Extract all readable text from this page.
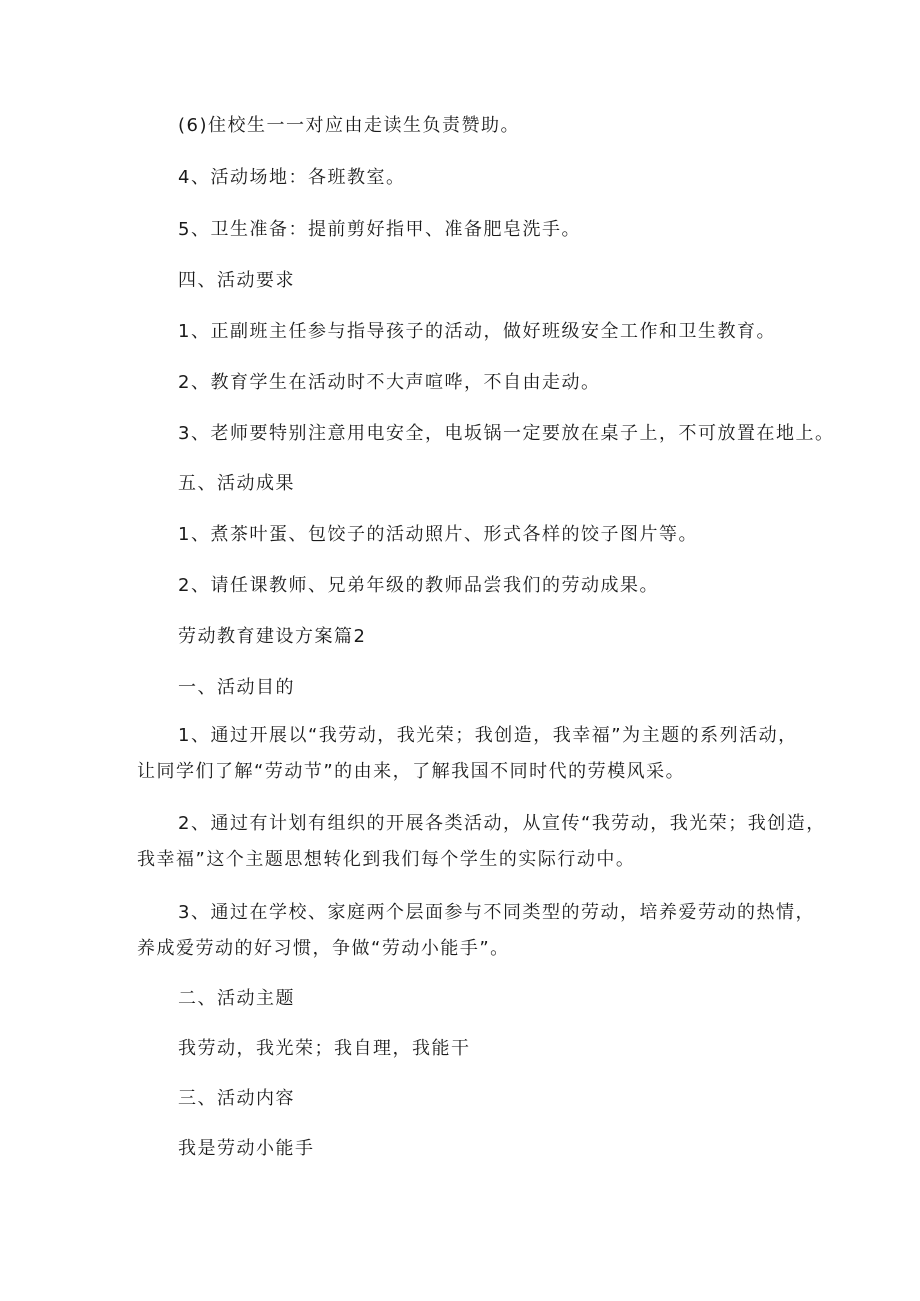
(6)住校生一一对应由走读生负责赞助。
4、活动场地：各班教室。
5、卫生准备：提前剪好指甲、准备肥皂洗手。
四、活动要求
1、正副班主任参与指导孩子的活动，做好班级安全工作和卫生教育。
2、教育学生在活动时不大声喧哗，不自由走动。
3、老师要特别注意用电安全，电坂锅一定要放在桌子上，不可放置在地上。
五、活动成果
1、煮茶叶蛋、包饺子的活动照片、形式各样的饺子图片等。
2、请任课教师、兄弟年级的教师品尝我们的劳动成果。
劳动教育建设方案篇2
一、活动目的
1、通过开展以“我劳动，我光荣；我创造，我幸福”为主题的系列活动，
让同学们了解“劳动节”的由来，了解我国不同时代的劳模风采。
2、通过有计划有组织的开展各类活动，从宣传“我劳动，我光荣；我创造，
我幸福”这个主题思想转化到我们每个学生的实际行动中。
3、通过在学校、家庭两个层面参与不同类型的劳动，培养爱劳动的热情，
养成爱劳动的好习惯，争做“劳动小能手”。
二、活动主题
我劳动，我光荣；我自理，我能干
三、活动内容
我是劳动小能手
